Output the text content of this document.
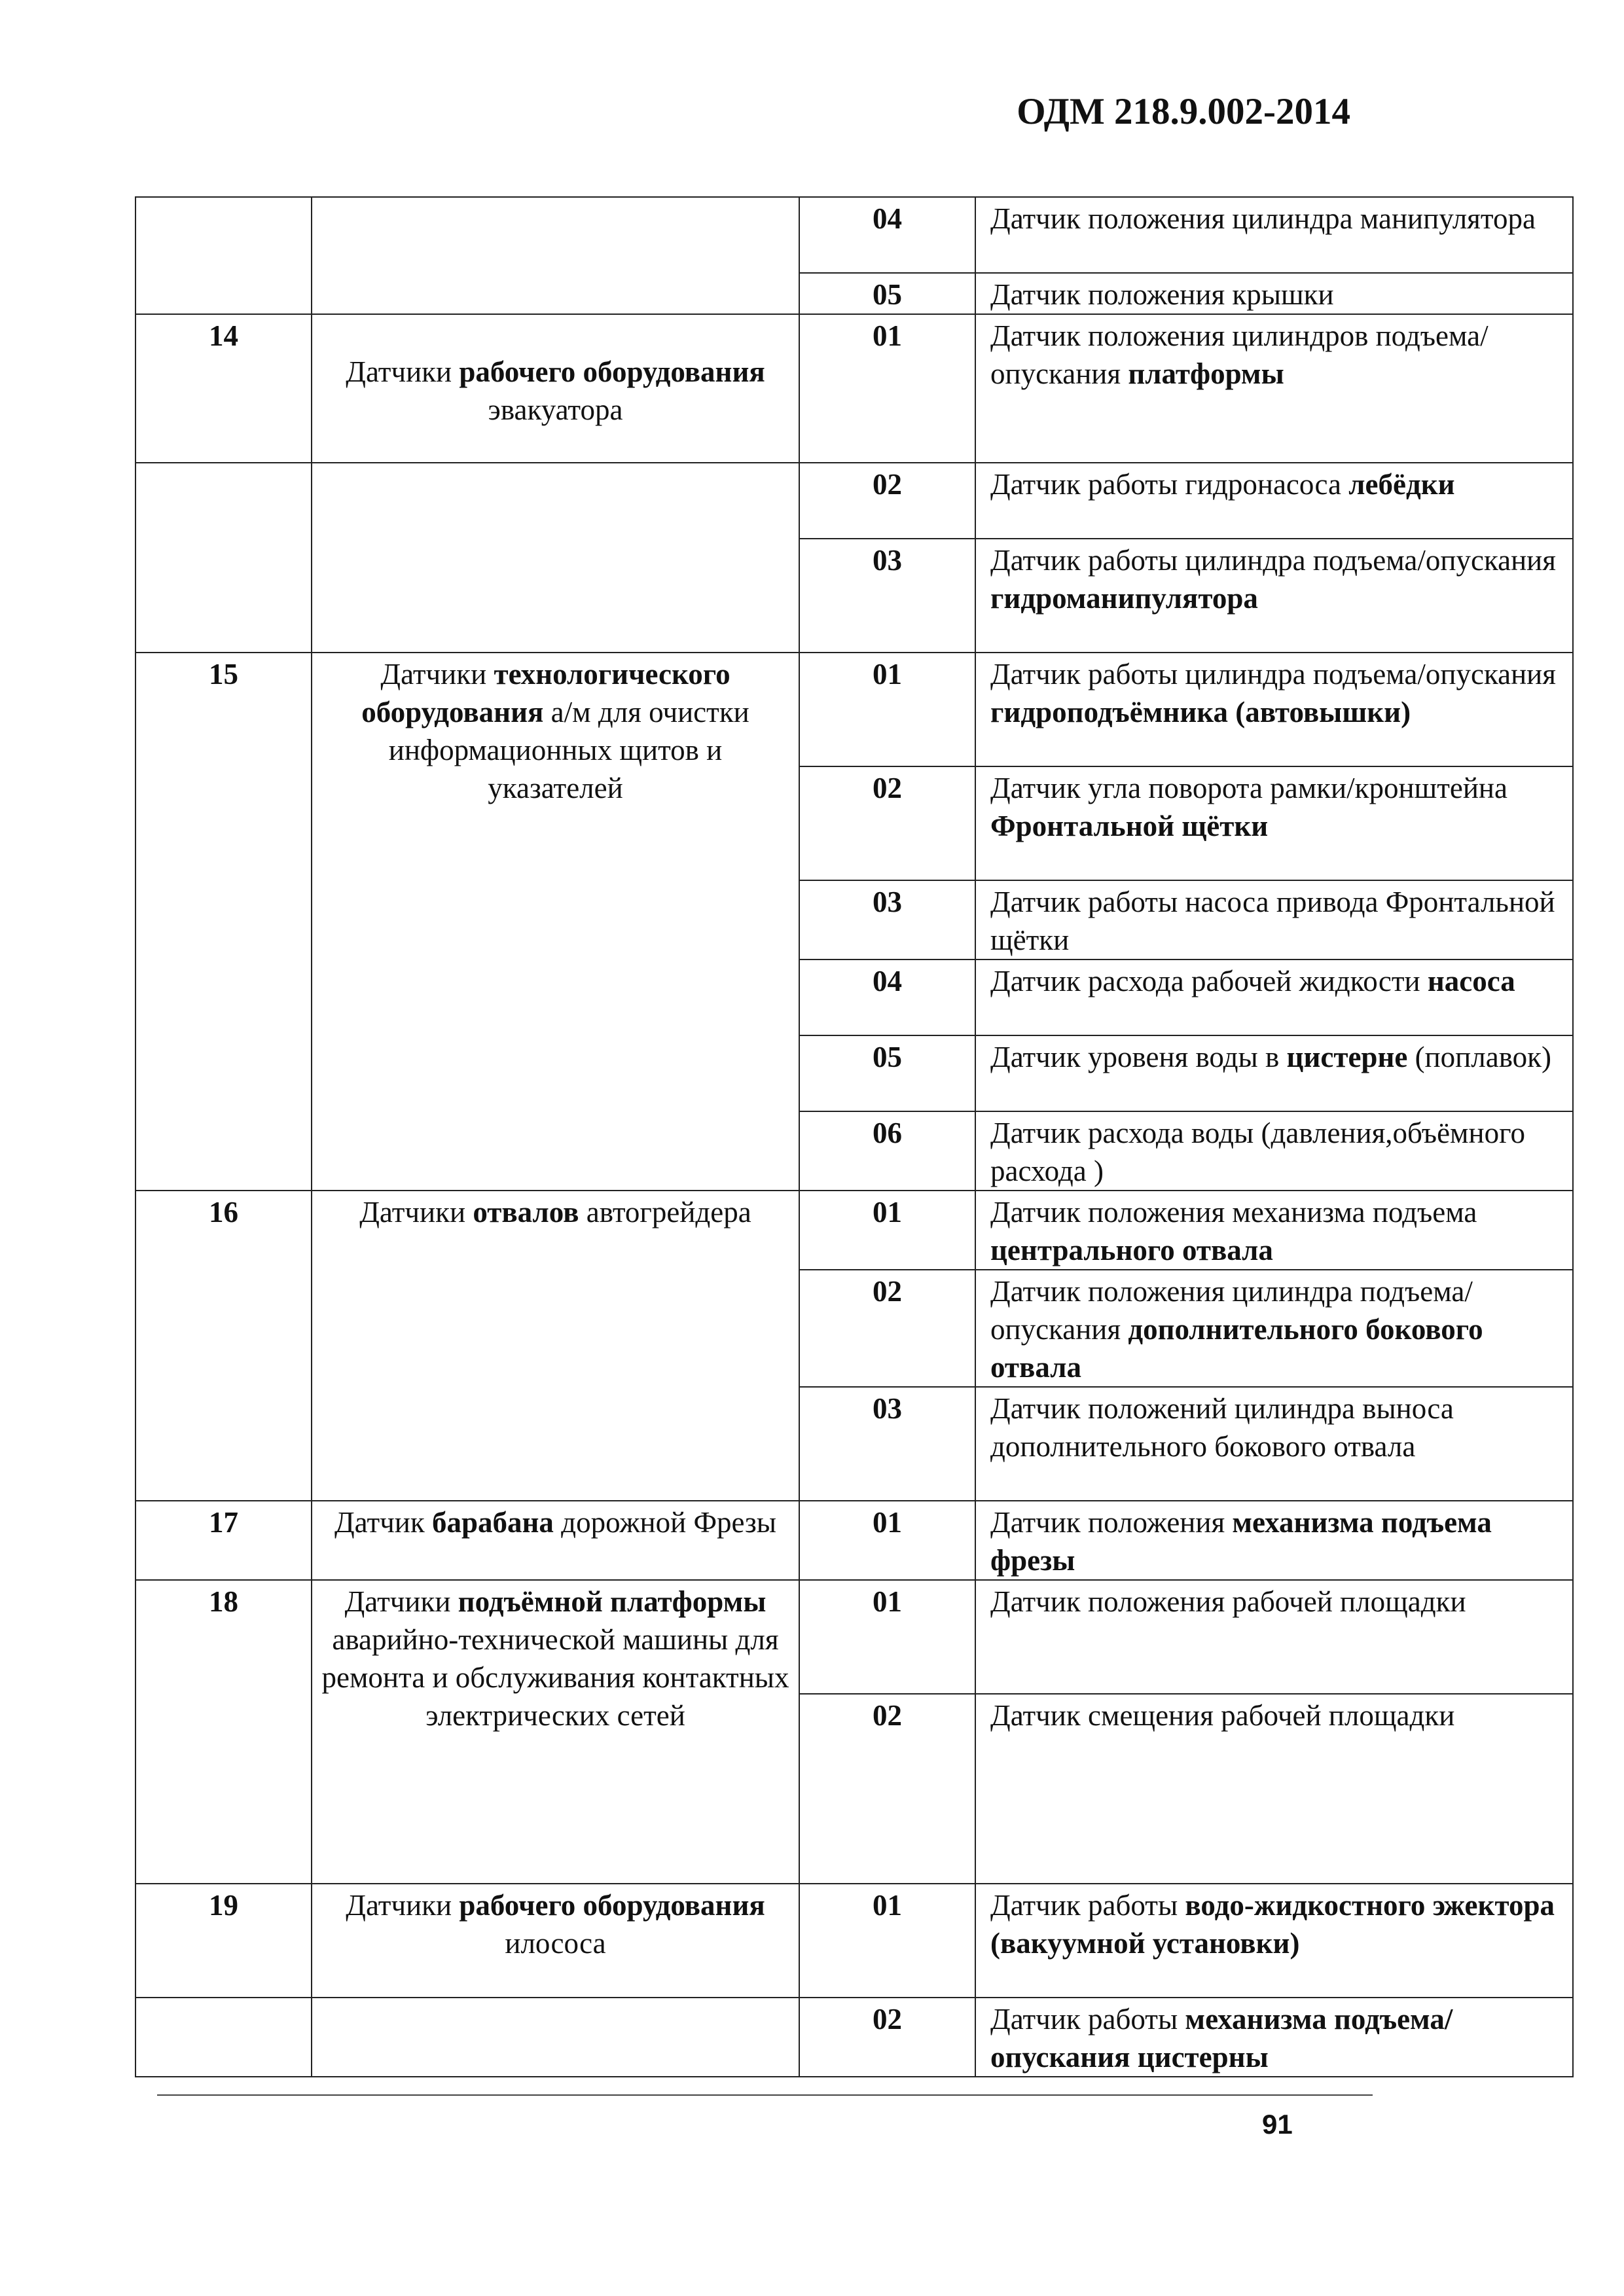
ОДМ 218.9.002-2014
		04	Датчик положения цилиндра манипулятора
		05	Датчик положения крышки
14	Датчики рабочего оборудования эвакуатора	01	Датчик положения цилиндров подъема/опускания платформы
		02	Датчик работы гидронасоса лебёдки
		03	Датчик работы цилиндра подъема/опускания гидроманипулятора
15	Датчики технологического оборудования а/м для очистки информационных щитов и указателей	01	Датчик работы цилиндра подъема/опускания гидроподъёмника (автовышки)
		02	Датчик угла поворота рамки/кронштейна Фронтальной щётки
		03	Датчик работы насоса привода Фронтальной щётки
		04	Датчик расхода рабочей жидкости насоса
		05	Датчик уровеня воды в цистерне (поплавок)
		06	Датчик расхода воды (давления,объёмного расхода )
16	Датчики отвалов автогрейдера	01	Датчик положения механизма подъема центрального отвала
		02	Датчик положения цилиндра подъема/опускания дополнительного бокового отвала
		03	Датчик положений цилиндра выноса дополнительного бокового отвала
17	Датчик барабана дорожной Фрезы	01	Датчик положения механизма подъема фрезы
18	Датчики подъёмной платформы аварийно-технической машины для ремонта и обслуживания контактных электрических сетей	01	Датчик положения рабочей площадки
		02	Датчик смещения рабочей площадки
19	Датчики рабочего оборудования илососа	01	Датчик работы водо-жидкостного эжектора (вакуумной установки)
		02	Датчик работы механизма подъема/опускания цистерны
91
